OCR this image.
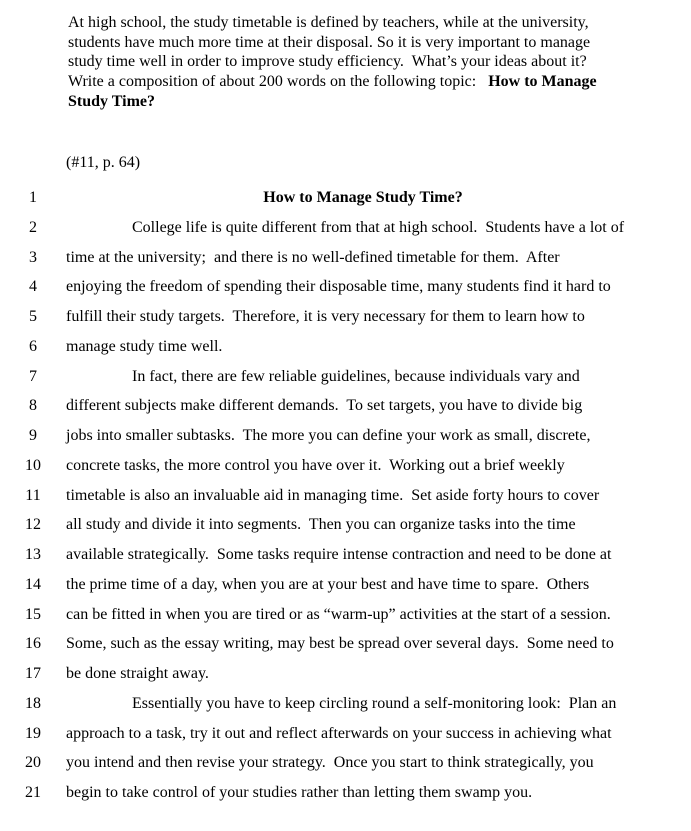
At high school, the study timetable is defined by teachers, while at the university,
students have much more time at their disposal. So it is very important to manage
study time well in order to improve study efficiency.  What’s your ideas about it?
Write a composition of about 200 words on the following topic:   How to Manage
Study Time?
(#11, p. 64)
1	How to Manage Study Time?
2	College life is quite different from that at high school.  Students have a lot of
3	time at the university;  and there is no well-defined timetable for them.  After
4	enjoying the freedom of spending their disposable time, many students find it hard to
5	fulfill their study targets.  Therefore, it is very necessary for them to learn how to
6	manage study time well.
7	In fact, there are few reliable guidelines, because individuals vary and
8	different subjects make different demands.  To set targets, you have to divide big
9	jobs into smaller subtasks.  The more you can define your work as small, discrete,
10	concrete tasks, the more control you have over it.  Working out a brief weekly
11	timetable is also an invaluable aid in managing time.  Set aside forty hours to cover
12	all study and divide it into segments.  Then you can organize tasks into the time
13	available strategically.  Some tasks require intense contraction and need to be done at
14	the prime time of a day, when you are at your best and have time to spare.  Others
15	can be fitted in when you are tired or as “warm-up” activities at the start of a session.
16	Some, such as the essay writing, may best be spread over several days.  Some need to
17	be done straight away.
18	Essentially you have to keep circling round a self-monitoring look:  Plan an
19	approach to a task, try it out and reflect afterwards on your success in achieving what
20	you intend and then revise your strategy.  Once you start to think strategically, you
21	begin to take control of your studies rather than letting them swamp you.
